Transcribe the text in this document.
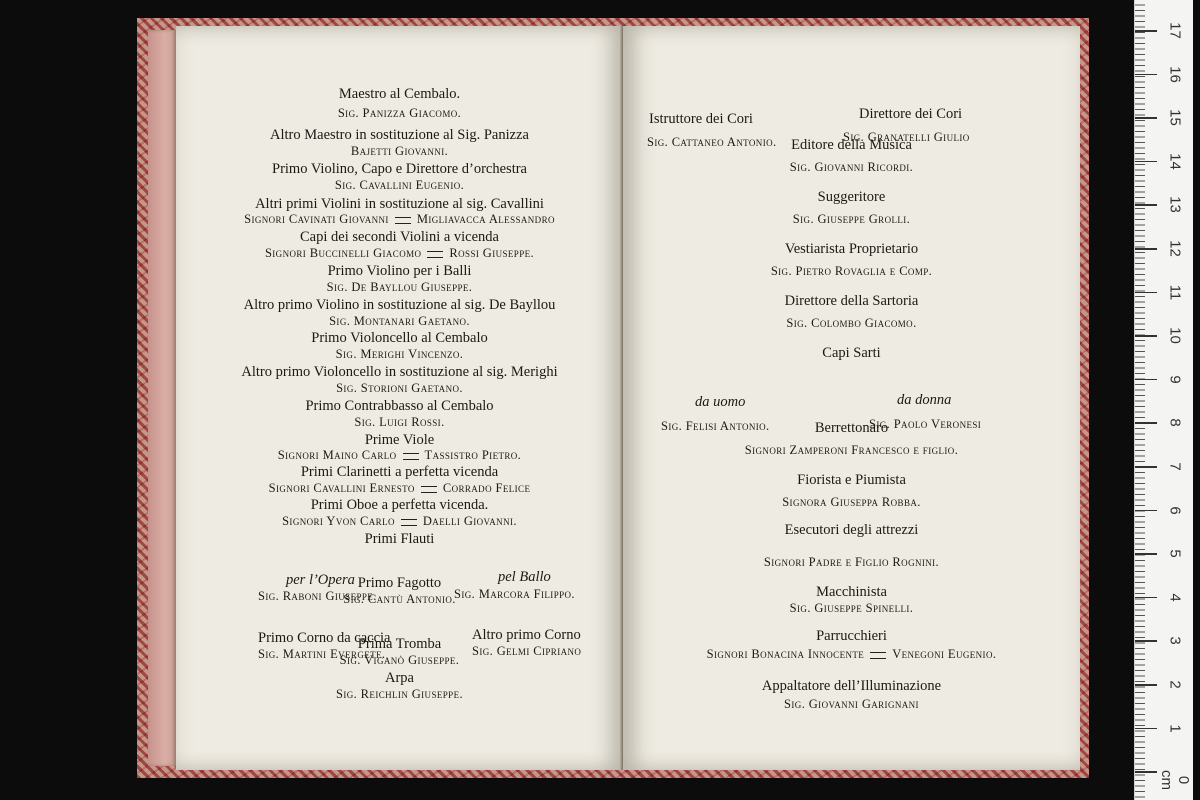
per l’Opera	pel Ballo
Sig. Raboni Giuseppe.	Sig. Marcora Filippo.
Primo Corno da caccia	Altro primo Corno
Sig. Martini Evergete.	Sig. Gelmi Cipriano
Maestro al Cembalo.
Sig. Panizza Giacomo.
Altro Maestro in sostituzione al Sig. Panizza
Bajetti Giovanni.
Primo Violino, Capo e Direttore d’orchestra
Sig. Cavallini Eugenio.
Altri primi Violini in sostituzione al sig. Cavallini
Signori Cavinati Giovanni Migliavacca Alessandro
Capi dei secondi Violini a vicenda
Signori Buccinelli Giacomo Rossi Giuseppe.
Primo Violino per i Balli
Sig. De Bayllou Giuseppe.
Altro primo Violino in sostituzione al sig. De Bayllou
Sig. Montanari Gaetano.
Primo Violoncello al Cembalo
Sig. Merighi Vincenzo.
Altro primo Violoncello in sostituzione al sig. Merighi
Sig. Storioni Gaetano.
Primo Contrabbasso al Cembalo
Sig. Luigi Rossi.
Prime Viole
Signori Maino Carlo Tassistro Pietro.
Primi Clarinetti a perfetta vicenda
Signori Cavallini Ernesto Corrado Felice
Primi Oboe a perfetta vicenda.
Signori Yvon Carlo Daelli Giovanni.
Primi Flauti
Primo Fagotto
Sig. Cantù Antonio.
Prima Tromba
Sig. Viganò Giuseppe.
Arpa
Sig. Reichlin Giuseppe.
Istruttore dei Cori	Direttore dei Cori
Sig. Cattaneo Antonio.	Sig. Granatelli Giulio
da uomo	da donna
Sig. Felisi Antonio.	Sig. Paolo Veronesi
Editore della Musica
Sig. Giovanni Ricordi.
Suggeritore
Sig. Giuseppe Grolli.
Vestiarista Proprietario
Sig. Pietro Rovaglia e Comp.
Direttore della Sartoria
Sig. Colombo Giacomo.
Capi Sarti
Berrettonaro
Signori Zamperoni Francesco e figlio.
Fiorista e Piumista
Signora Giuseppa Robba.
Esecutori degli attrezzi
Signori Padre e Figlio Rognini.
Macchinista
Sig. Giuseppe Spinelli.
Parrucchieri
Signori Bonacina Innocente Venegoni Eugenio.
Appaltatore dell’Illuminazione
Sig. Giovanni Garignani
17
16
15
14
13
12
11
10
9
8
7
6
5
4
3
2
1
0 cm
